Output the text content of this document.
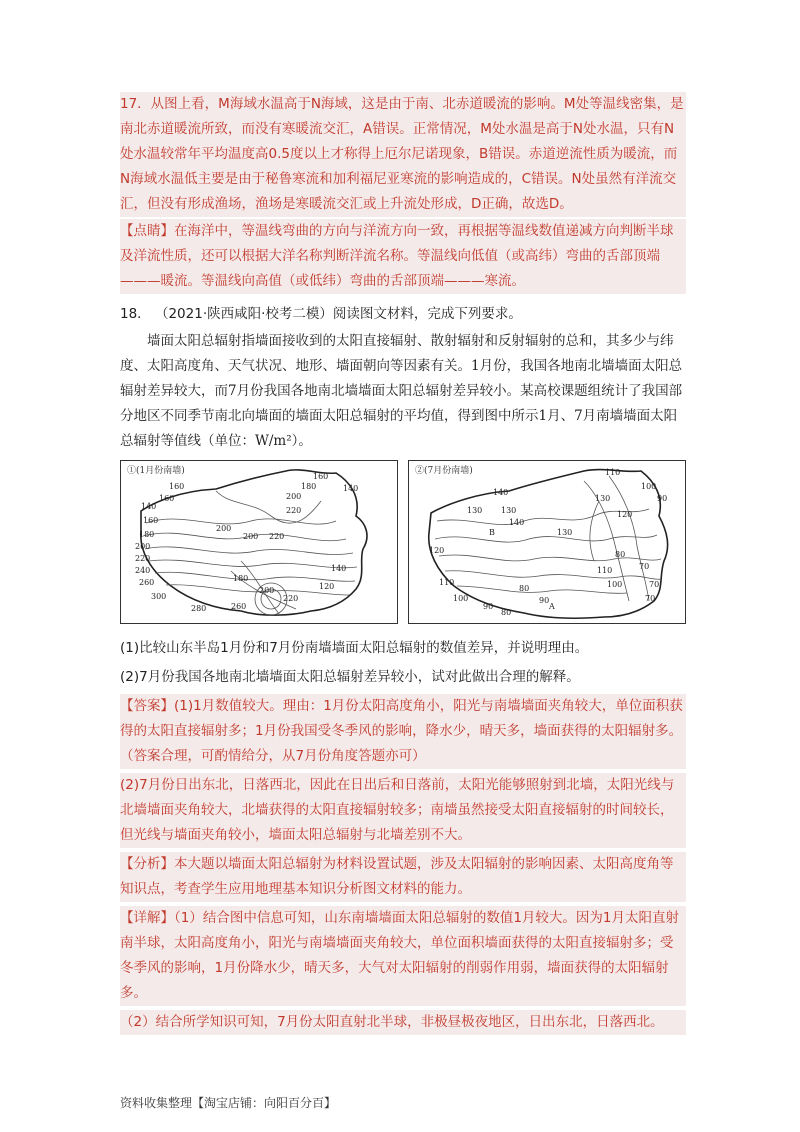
17．从图上看，M海域水温高于N海域，这是由于南、北赤道暖流的影响。M处等温线密集，是南北赤道暖流所致，而没有寒暖流交汇，A错误。正常情况，M处水温是高于N处水温，只有N处水温较常年平均温度高0.5度以上才称得上厄尔尼诺现象，B错误。赤道逆流性质为暖流，而N海域水温低主要是由于秘鲁寒流和加利福尼亚寒流的影响造成的，C错误。N处虽然有洋流交汇，但没有形成渔场，渔场是寒暖流交汇或上升流处形成，D正确，故选D。

【点睛】在海洋中，等温线弯曲的方向与洋流方向一致，再根据等温线数值递减方向判断半球及洋流性质，还可以根据大洋名称判断洋流名称。等温线向低值（或高纬）弯曲的舌部顶端———暖流。等温线向高值（或低纬）弯曲的舌部顶端———寒流。

18． （2021·陕西咸阳·校考二模）阅读图文材料，完成下列要求。

墙面太阳总辐射指墙面接收到的太阳直接辐射、散射辐射和反射辐射的总和，其多少与纬度、太阳高度角、天气状况、地形、墙面朝向等因素有关。1月份，我国各地南北墙墙面太阳总辐射差异较大，而7月份我国各地南北墙墙面太阳总辐射差异较小。某高校课题组统计了我国部分地区不同季节南北向墙面的墙面太阳总辐射的平均值，得到图中所示1月、7月南墙墙面太阳总辐射等值线（单位：W/m²）。

160
160
140
160
180
200
220
240
260
300
280	260
200
200 220
180
200
220
160
140
140
120
200
180
220
①(1月份南墙)	110
100
90
120
130
140
130
140
130
130
120
110
100
90
80
70
80
90
110
100
80	70
70
A
B
②(7月份南墙)

(1)比较山东半岛1月份和7月份南墙墙面太阳总辐射的数值差异，并说明理由。

(2)7月份我国各地南北墙墙面太阳总辐射差异较小，试对此做出合理的解释。

【答案】(1)1月数值较大。理由：1月份太阳高度角小，阳光与南墙墙面夹角较大，单位面积获得的太阳直接辐射多；1月份我国受冬季风的影响，降水少，晴天多，墙面获得的太阳辐射多。（答案合理，可酌情给分，从7月份角度答题亦可）

(2)7月份日出东北，日落西北，因此在日出后和日落前，太阳光能够照射到北墙，太阳光线与北墙墙面夹角较大，北墙获得的太阳直接辐射较多；南墙虽然接受太阳直接辐射的时间较长，但光线与墙面夹角较小，墙面太阳总辐射与北墙差别不大。

【分析】本大题以墙面太阳总辐射为材料设置试题，涉及太阳辐射的影响因素、太阳高度角等知识点，考查学生应用地理基本知识分析图文材料的能力。

【详解】（1）结合图中信息可知，山东南墙墙面太阳总辐射的数值1月较大。因为1月太阳直射南半球，太阳高度角小，阳光与南墙墙面夹角较大，单位面积墙面获得的太阳直接辐射多；受冬季风的影响，1月份降水少，晴天多，大气对太阳辐射的削弱作用弱，墙面获得的太阳辐射多。

（2）结合所学知识可知，7月份太阳直射北半球，非极昼极夜地区，日出东北，日落西北。

资料收集整理【淘宝店铺：向阳百分百】
